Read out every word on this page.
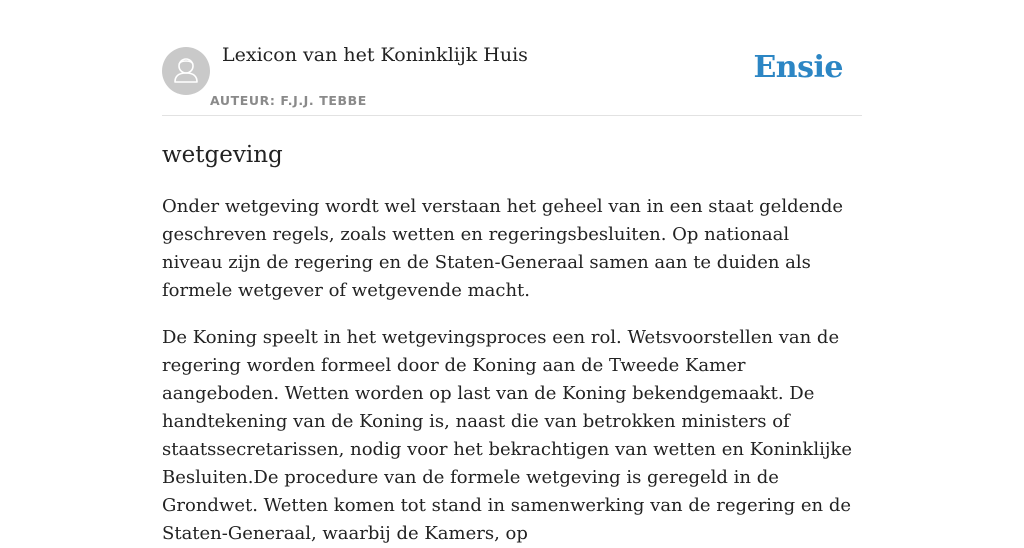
Lexicon van het Koninklijk Huis
AUTEUR: F.J.J. TEBBE
Ensie
wetgeving

Onder wetgeving wordt wel verstaan het geheel van in een staat geldende geschreven regels, zoals wetten en regeringsbesluiten. Op nationaal niveau zijn de regering en de Staten-Generaal samen aan te duiden als formele wetgever of wetgevende macht.

De Koning speelt in het wetgevingsproces een rol. Wetsvoorstellen van de regering worden formeel door de Koning aan de Tweede Kamer aangeboden. Wetten worden op last van de Koning bekendgemaakt. De handtekening van de Koning is, naast die van betrokken ministers of staatssecretarissen, nodig voor het bekrachtigen van wetten en Koninklijke Besluiten.De procedure van de formele wetgeving is geregeld in de Grondwet. Wetten komen tot stand in samenwerking van de regering en de Staten-Generaal, waarbij de Kamers, op
